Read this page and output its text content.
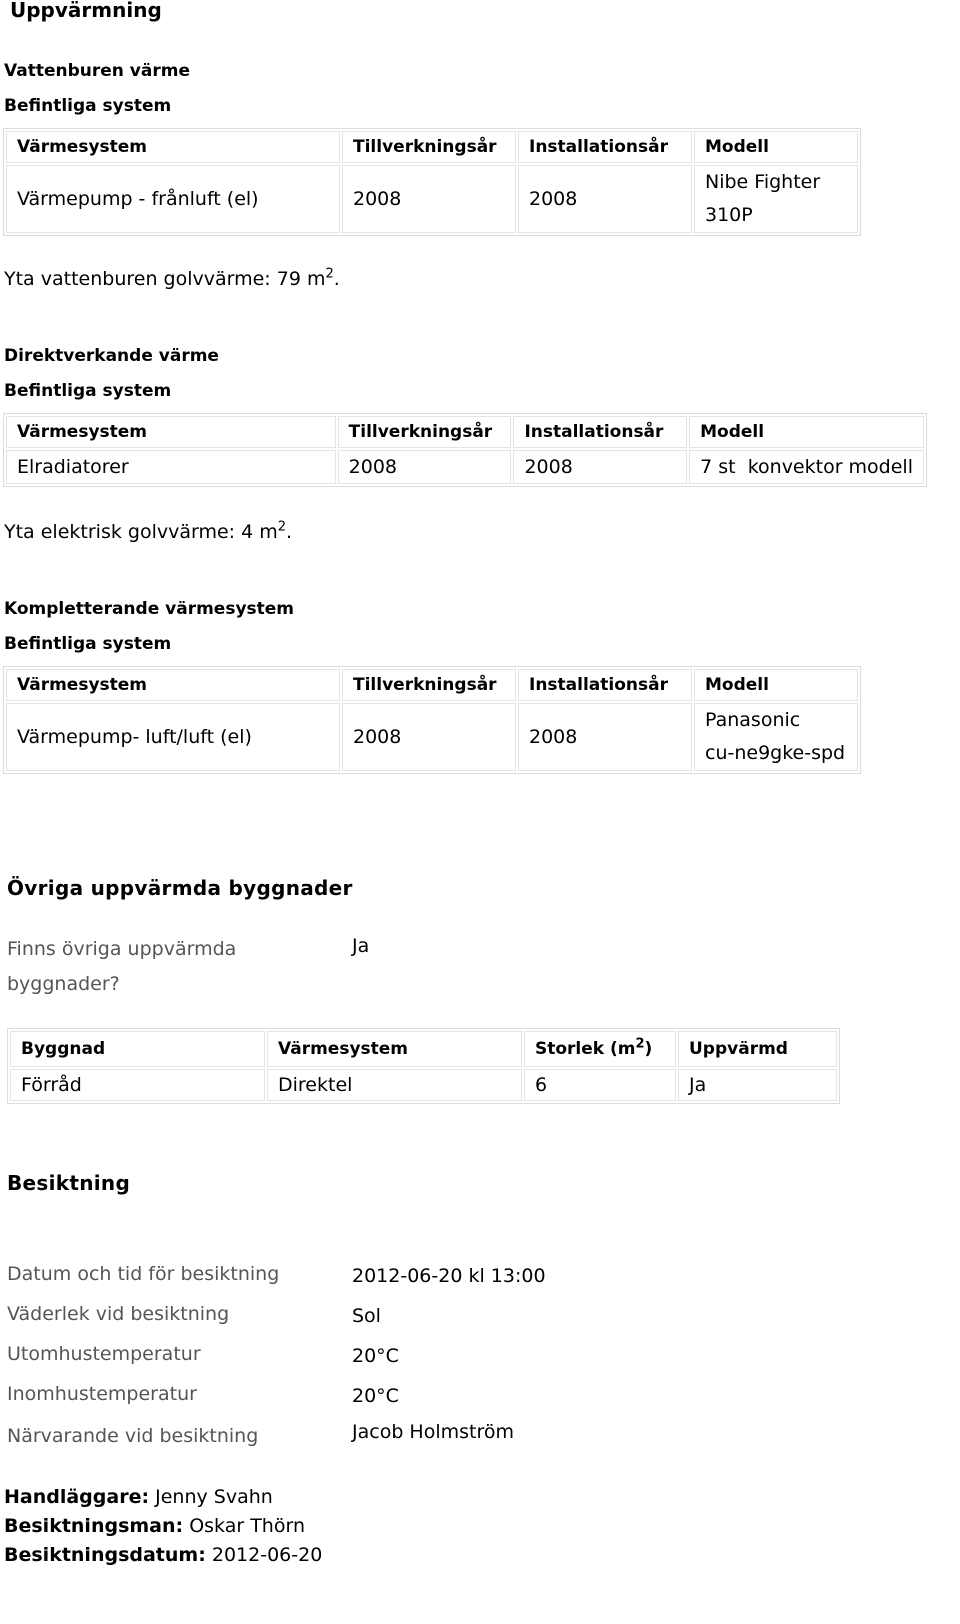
Uppvärmning
Vattenburen värme
Befintliga system
Värmesystem	Tillverkningsår	Installationsår	Modell
Värmepump - frånluft (el)	2008	2008	Nibe Fighter
310P
Yta vattenburen golvvärme: 79 $m^2$.
Direktverkande värme
Befintliga system
Värmesystem	Tillverkningsår	Installationsår	Modell
Elradiatorer	2008	2008	7 st  konvektor modell
Yta elektrisk golvvärme: 4 $m^2$.
Kompletterande värmesystem
Befintliga system
Värmesystem	Tillverkningsår	Installationsår	Modell
Värmepump- luft/luft (el)	2008	2008	Panasonic
cu-ne9gke-spd
Övriga uppvärmda byggnader
Finns övriga uppvärmda
byggnader?
Ja
Byggnad	Värmesystem	Storlek $(m^2)$	Uppvärmd
Förråd	Direktel	6	Ja
Besiktning
Datum och tid för besiktning	2012-06-20 kl 13:00
Väderlek vid besiktning	Sol
Utomhustemperatur	20°C
Inomhustemperatur	20°C
Närvarande vid besiktning	Jacob Holmström
Handläggare: Jenny Svahn
Besiktningsman: Oskar Thörn
Besiktningsdatum: 2012-06-20
